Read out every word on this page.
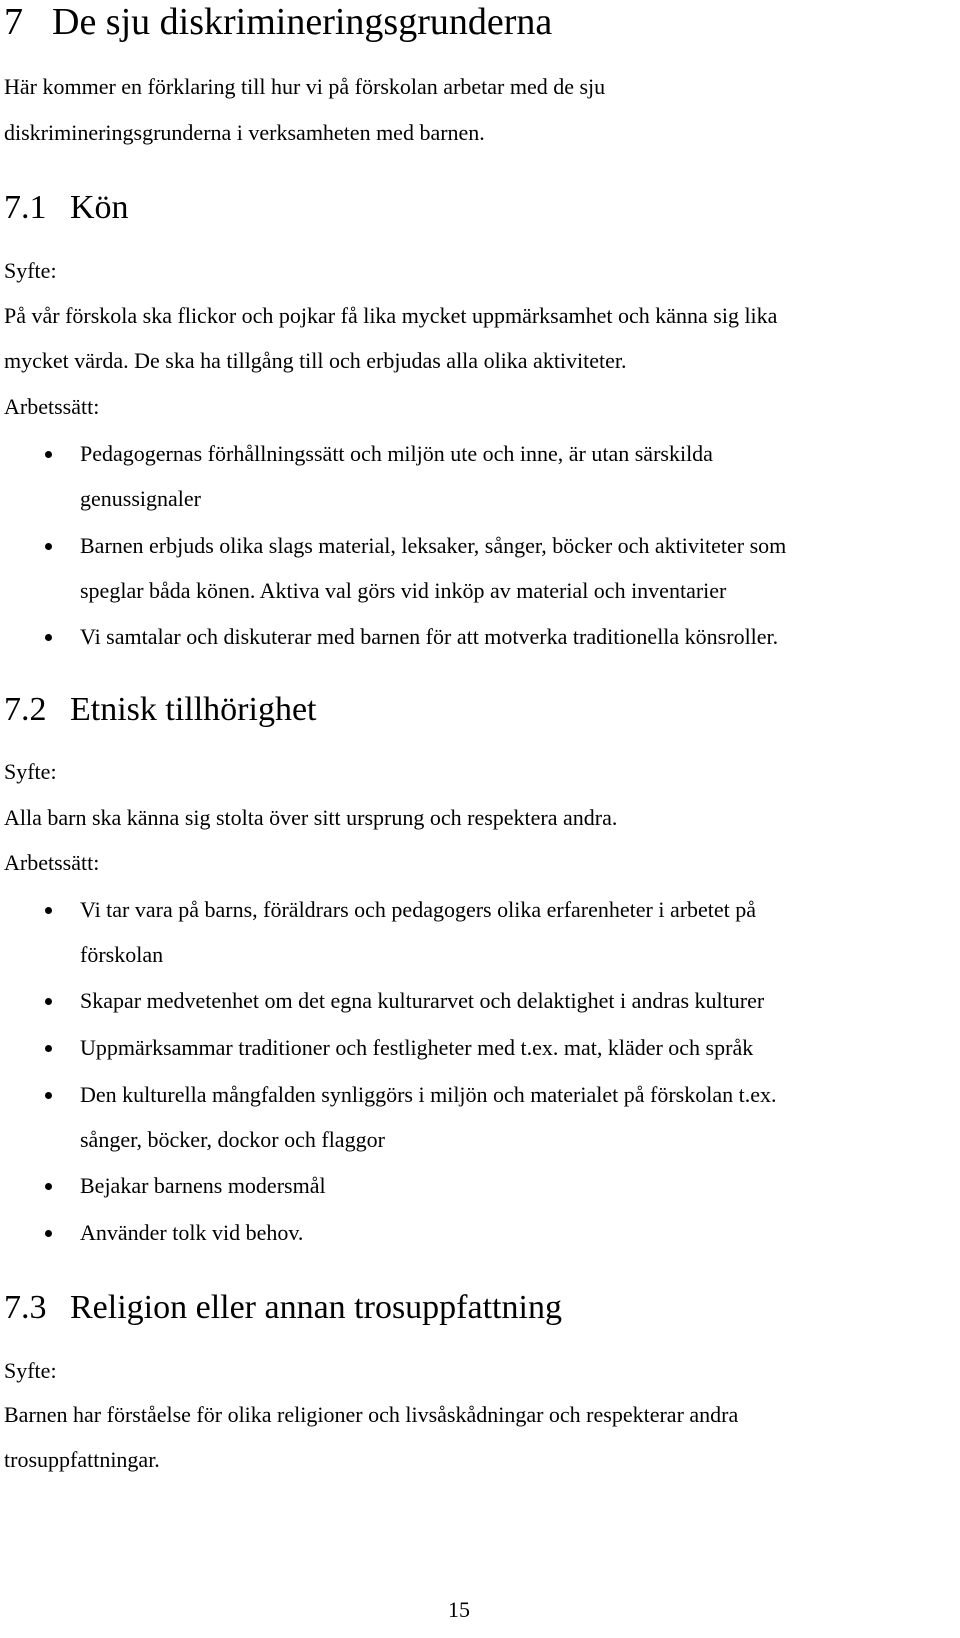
7 De sju diskrimineringsgrunderna
Här kommer en förklaring till hur vi på förskolan arbetar med de sju
diskrimineringsgrunderna i verksamheten med barnen.
7.1 Kön
Syfte:
På vår förskola ska flickor och pojkar få lika mycket uppmärksamhet och känna sig lika
mycket värda. De ska ha tillgång till och erbjudas alla olika aktiviteter.
Arbetssätt:
Pedagogernas förhållningssätt och miljön ute och inne, är utan särskilda
genussignaler
Barnen erbjuds olika slags material, leksaker, sånger, böcker och aktiviteter som
speglar båda könen. Aktiva val görs vid inköp av material och inventarier
Vi samtalar och diskuterar med barnen för att motverka traditionella könsroller.
7.2 Etnisk tillhörighet
Syfte:
Alla barn ska känna sig stolta över sitt ursprung och respektera andra.
Arbetssätt:
Vi tar vara på barns, föräldrars och pedagogers olika erfarenheter i arbetet på
förskolan
Skapar medvetenhet om det egna kulturarvet och delaktighet i andras kulturer
Uppmärksammar traditioner och festligheter med t.ex. mat, kläder och språk
Den kulturella mångfalden synliggörs i miljön och materialet på förskolan t.ex.
sånger, böcker, dockor och flaggor
Bejakar barnens modersmål
Använder tolk vid behov.
7.3 Religion eller annan trosuppfattning
Syfte:
Barnen har förståelse för olika religioner och livsåskådningar och respekterar andra
trosuppfattningar.
15
